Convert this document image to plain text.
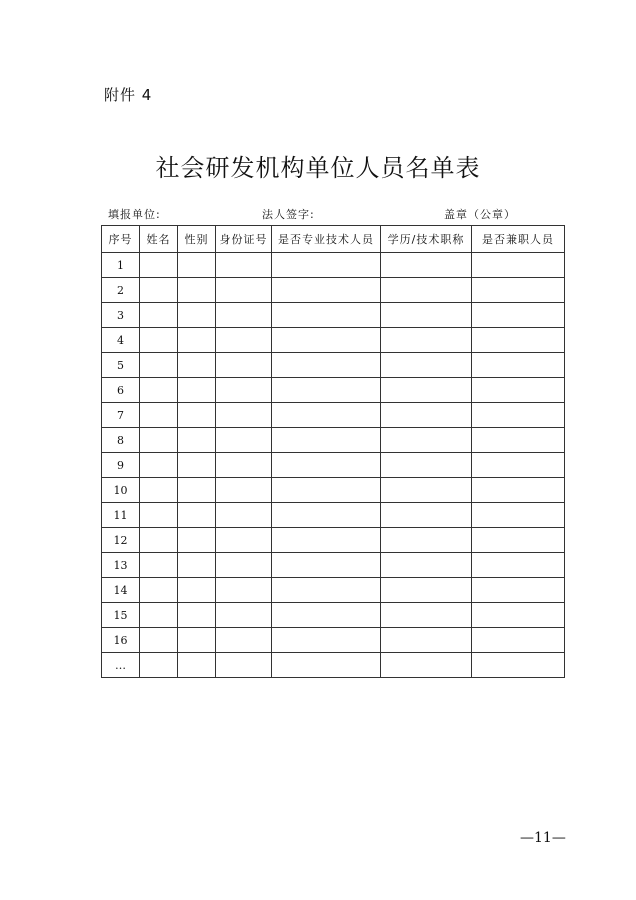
附件 4
社会研发机构单位人员名单表
填报单位:	法人签字:	盖章（公章）
序号	姓名	性别	身份证号	是否专业技术人员	学历/技术职称	是否兼职人员
1						
2						
3						
4						
5						
6						
7						
8						
9						
10						
11						
12						
13						
14						
15						
16						
…						
—11—
